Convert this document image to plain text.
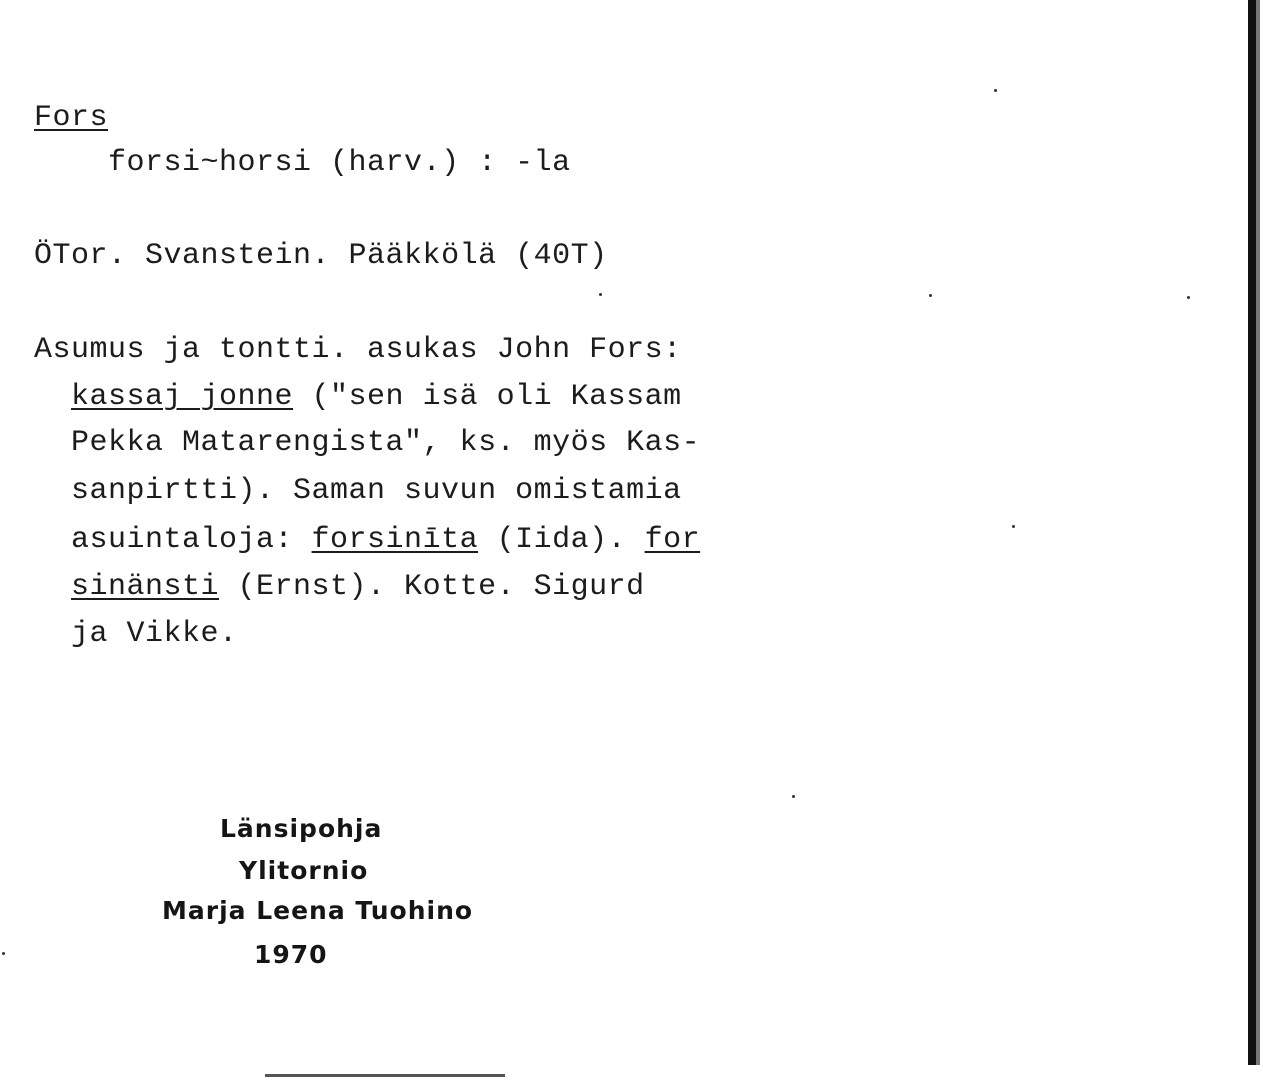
Fors
forsi~horsi (harv.) : -la
ÖTor. Svanstein. Pääkkölä (40T)
Asumus ja tontti. asukas John Fors:
kassaj jonne ("sen isä oli Kassam
Pekka Matarengista", ks. myös Kas-
sanpirtti). Saman suvun omistamia
asuintaloja: forsinīta (Iida). for
sinänsti (Ernst). Kotte. Sigurd
ja Vikke.
Länsipohja
Ylitornio
Marja Leena Tuohino
1970
